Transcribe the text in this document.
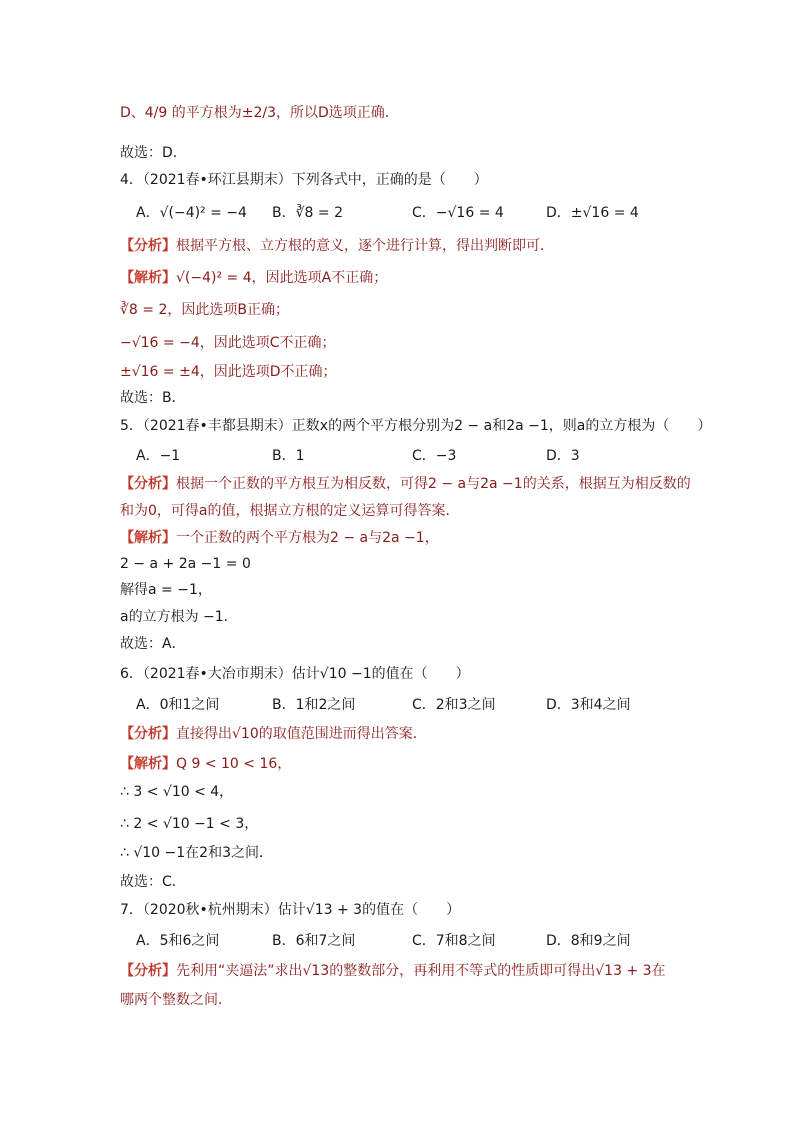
D、4/9 的平方根为±2/3，所以D选项正确．
故选：D．
4．（2021春•环江县期末）下列各式中，正确的是（　　）
A．√(−4)² = −4 B．∛8 = 2	C．−√16 = 4	D．±√16 = 4
【分析】根据平方根、立方根的意义，逐个进行计算，得出判断即可．
【解析】√(−4)² = 4，因此选项A不正确；
∛8 = 2，因此选项B正确；
−√16 = −4，因此选项C不正确；
±√16 = ±4，因此选项D不正确；
故选：B．
5．（2021春•丰都县期末）正数x的两个平方根分别为2 − a和2a −1，则a的立方根为（　　）
A．−1	B．1	C．−3	D．3
【分析】根据一个正数的平方根互为相反数，可得2 − a与2a −1的关系，根据互为相反数的
和为0，可得a的值，根据立方根的定义运算可得答案．
【解析】一个正数的两个平方根为2 − a与2a −1，
2 − a + 2a −1 = 0
解得a = −1，
a的立方根为 −1．
故选：A．
6．（2021春•大冶市期末）估计√10 −1的值在（　　）
A．0和1之间	B．1和2之间	C．2和3之间	D．3和4之间
【分析】直接得出√10的取值范围进而得出答案．
【解析】Q 9 < 10 < 16，
∴ 3 < √10 < 4，
∴ 2 < √10 −1 < 3，
∴ √10 −1在2和3之间．
故选：C．
7．（2020秋•杭州期末）估计√13 + 3的值在（　　）
A．5和6之间	B．6和7之间	C．7和8之间	D．8和9之间
【分析】先利用“夹逼法”求出√13的整数部分，再利用不等式的性质即可得出√13 + 3在
哪两个整数之间．
